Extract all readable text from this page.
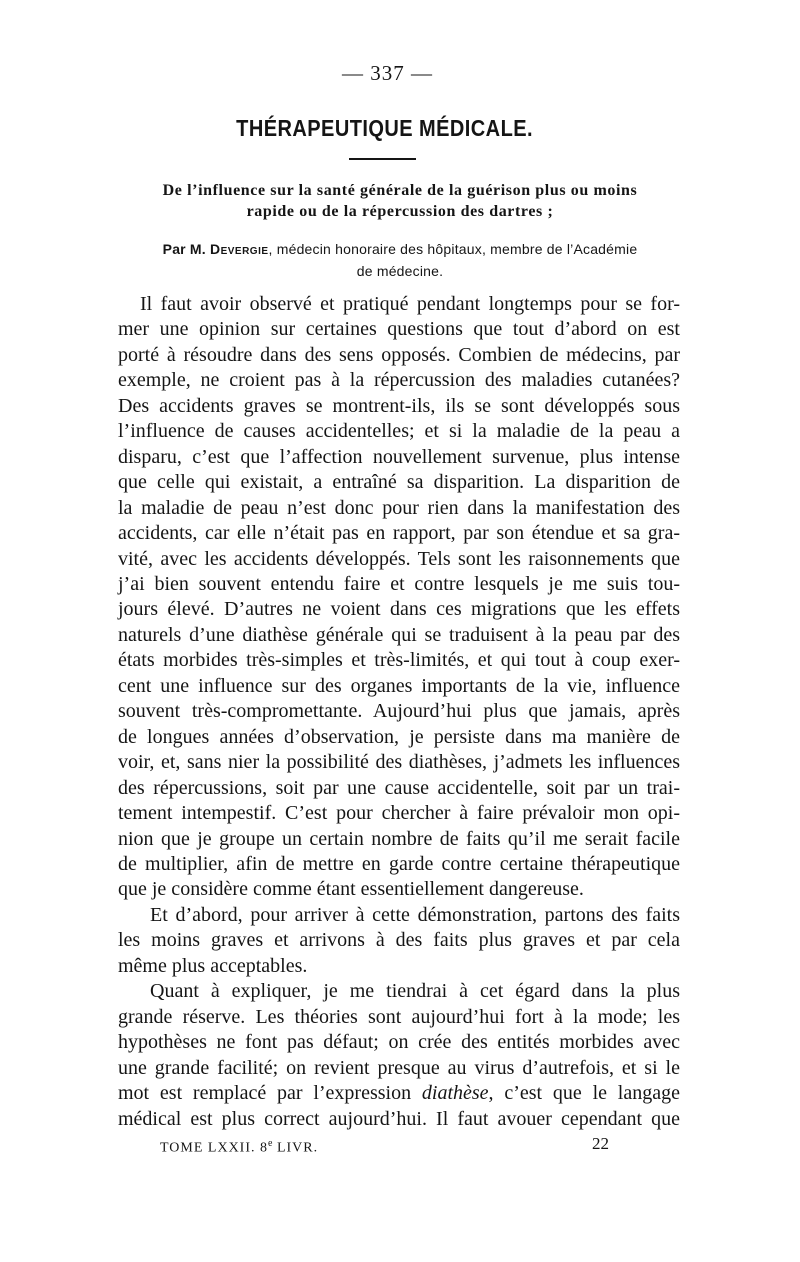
— 337 —
THÉRAPEUTIQUE MÉDICALE.
De l’influence sur la santé générale de la guérison plus ou moins
rapide ou de la répercussion des dartres ;
Par M. Devergie, médecin honoraire des hôpitaux, membre de l’Académie
de médecine.
Il faut avoir observé et pratiqué pendant longtemps pour se for-
mer une opinion sur certaines questions que tout d’abord on est
porté à résoudre dans des sens opposés. Combien de médecins, par
exemple, ne croient pas à la répercussion des maladies cutanées?
Des accidents graves se montrent-ils, ils se sont développés sous
l’influence de causes accidentelles; et si la maladie de la peau a
disparu, c’est que l’affection nouvellement survenue, plus intense
que celle qui existait, a entraîné sa disparition. La disparition de
la maladie de peau n’est donc pour rien dans la manifestation des
accidents, car elle n’était pas en rapport, par son étendue et sa gra-
vité, avec les accidents développés. Tels sont les raisonnements que
j’ai bien souvent entendu faire et contre lesquels je me suis tou-
jours élevé. D’autres ne voient dans ces migrations que les effets
naturels d’une diathèse générale qui se traduisent à la peau par des
états morbides très-simples et très-limités, et qui tout à coup exer-
cent une influence sur des organes importants de la vie, influence
souvent très-compromettante. Aujourd’hui plus que jamais, après
de longues années d’observation, je persiste dans ma manière de
voir, et, sans nier la possibilité des diathèses, j’admets les influences
des répercussions, soit par une cause accidentelle, soit par un trai-
tement intempestif. C’est pour chercher à faire prévaloir mon opi-
nion que je groupe un certain nombre de faits qu’il me serait facile
de multiplier, afin de mettre en garde contre certaine thérapeutique
que je considère comme étant essentiellement dangereuse.
Et d’abord, pour arriver à cette démonstration, partons des faits
les moins graves et arrivons à des faits plus graves et par cela
même plus acceptables.
Quant à expliquer, je me tiendrai à cet égard dans la plus
grande réserve. Les théories sont aujourd’hui fort à la mode; les
hypothèses ne font pas défaut; on crée des entités morbides avec
une grande facilité; on revient presque au virus d’autrefois, et si le
mot est remplacé par l’expression diathèse, c’est que le langage
médical est plus correct aujourd’hui. Il faut avouer cependant que
TOME LXXII. 8e LIVR.	22
